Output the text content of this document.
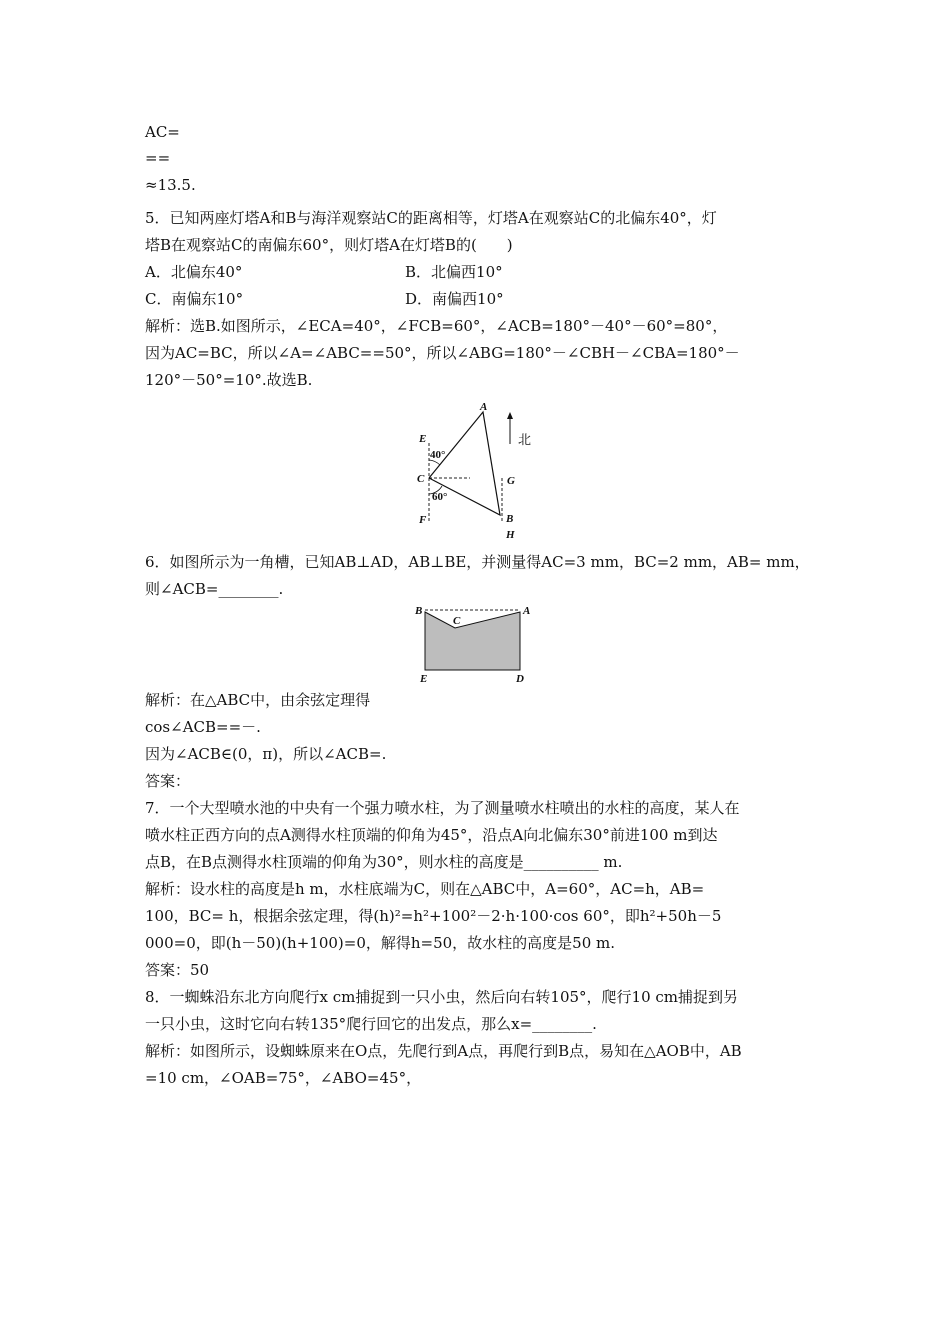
AC=
==
≈13.5.
5．已知两座灯塔A和B与海洋观察站C的距离相等，灯塔A在观察站C的北偏东40°，灯
塔B在观察站C的南偏东60°，则灯塔A在灯塔B的(　　)
A．北偏东40°	B．北偏西10°
C．南偏东10°	D．南偏西10°
解析：选B.如图所示，∠ECA=40°，∠FCB=60°，∠ACB=180°－40°－60°=80°，
因为AC=BC，所以∠A=∠ABC==50°，所以∠ABG=180°－∠CBH－∠CBA=180°－
120°－50°=10°.故选B.
A
E
40°
C
60°
F
G
B
H
北
6．如图所示为一角槽，已知AB⊥AD，AB⊥BE，并测量得AC=3 mm，BC=2 mm，AB= mm，
则∠ACB=________.
B	A
C
E	D
解析：在△ABC中，由余弦定理得
cos∠ACB==－.
因为∠ACB∈(0，π)，所以∠ACB=.
答案：
7．一个大型喷水池的中央有一个强力喷水柱，为了测量喷水柱喷出的水柱的高度，某人在
喷水柱正西方向的点A测得水柱顶端的仰角为45°，沿点A向北偏东30°前进100 m到达
点B，在B点测得水柱顶端的仰角为30°，则水柱的高度是__________ m.
解析：设水柱的高度是h m，水柱底端为C，则在△ABC中，A=60°，AC=h，AB=
100，BC= h，根据余弦定理，得(h)²=h²+100²－2·h·100·cos 60°，即h²+50h－5
000=0，即(h－50)(h+100)=0，解得h=50，故水柱的高度是50 m.
答案：50
8．一蜘蛛沿东北方向爬行x cm捕捉到一只小虫，然后向右转105°，爬行10 cm捕捉到另
一只小虫，这时它向右转135°爬行回它的出发点，那么x=________.
解析：如图所示，设蜘蛛原来在O点，先爬行到A点，再爬行到B点，易知在△AOB中，AB
=10 cm，∠OAB=75°，∠ABO=45°，
